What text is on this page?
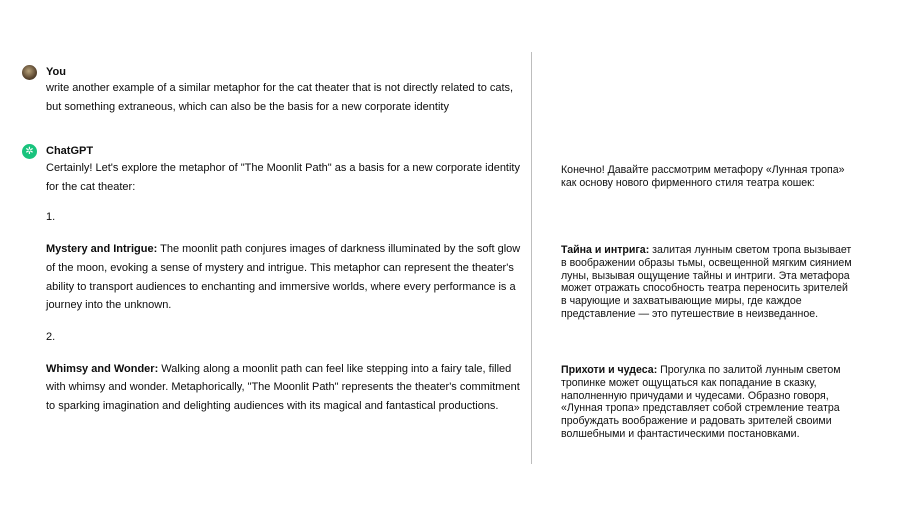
You
write another example of a similar metaphor for the cat theater that is not directly related to cats,
but something extraneous, which can also be the basis for a new corporate identity
✲	ChatGPT
Certainly! Let's explore the metaphor of "The Moonlit Path" as a basis for a new corporate identity
for the cat theater:
1.
Mystery and Intrigue: The moonlit path conjures images of darkness illuminated by the soft glow
of the moon, evoking a sense of mystery and intrigue. This metaphor can represent the theater's
ability to transport audiences to enchanting and immersive worlds, where every performance is a
journey into the unknown.
2.
Whimsy and Wonder: Walking along a moonlit path can feel like stepping into a fairy tale, filled
with whimsy and wonder. Metaphorically, "The Moonlit Path" represents the theater's commitment
to sparking imagination and delighting audiences with its magical and fantastical productions.
Конечно! Давайте рассмотрим метафору «Лунная тропа»
как основу нового фирменного стиля театра кошек:
Тайна и интрига: залитая лунным светом тропа вызывает
в воображении образы тьмы, освещенной мягким сиянием
луны, вызывая ощущение тайны и интриги. Эта метафора
может отражать способность театра переносить зрителей
в чарующие и захватывающие миры, где каждое
представление — это путешествие в неизведанное.
Прихоти и чудеса: Прогулка по залитой лунным светом
тропинке может ощущаться как попадание в сказку,
наполненную причудами и чудесами. Образно говоря,
«Лунная тропа» представляет собой стремление театра
пробуждать воображение и радовать зрителей своими
волшебными и фантастическими постановками.
